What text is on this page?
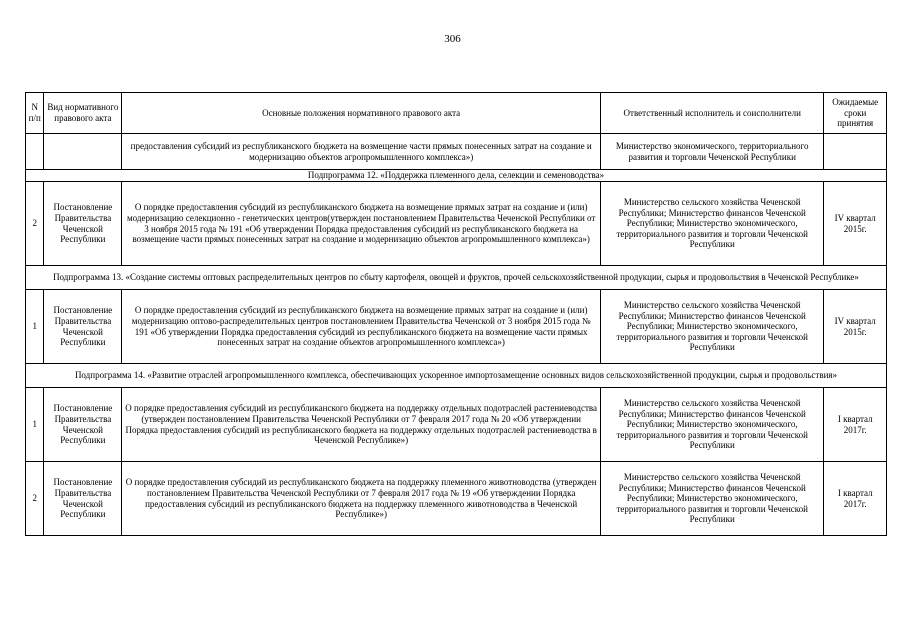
306
N п/п	Вид нормативного правового акта	Основные положения нормативного правового акта	Ответственный исполнитель и соисполнители	Ожидаемые сроки принятия
		предоставления субсидий из республиканского бюджета на возмещение части прямых понесенных затрат на создание и модернизацию объектов агропромышленного комплекса»)	Министерство экономического, территориального развития и торговли Чеченской Республики	
Подпрограмма 12. «Поддержка племенного дела, селекции и семеноводства»				
2	Постановление Правительства Чеченской Республики	О порядке предоставления субсидий из республиканского бюджета на возмещение прямых затрат на создание и (или) модернизацию селекционно - генетических центров(утвержден постановлением Правительства Чеченской Республики от 3 ноября 2015 года № 191 «Об утверждении Порядка предоставления субсидий из республиканского бюджета на возмещение части прямых понесенных затрат на создание и модернизацию объектов агропромышленного комплекса»)	Министерство сельского хозяйства Чеченской Республики; Министерство финансов Чеченской Республики; Министерство экономического, территориального развития и торговли Чеченской Республики	IV квартал 2015г.
Подпрограмма 13. «Создание системы оптовых распределительных центров по сбыту картофеля, овощей и фруктов, прочей сельскохозяйственной продукции, сырья и продовольствия в Чеченской Республике»				
1	Постановление Правительства Чеченской Республики	О порядке предоставления субсидий из республиканского бюджета на возмещение прямых затрат на создание и (или) модернизацию оптово-распределительных центров постановлением Правительства Чеченской от 3 ноября 2015 года № 191 «Об утверждении Порядка предоставления субсидий из республиканского бюджета на возмещение части прямых понесенных затрат на создание объектов агропромышленного комплекса»)	Министерство сельского хозяйства Чеченской Республики; Министерство финансов Чеченской Республики; Министерство экономического, территориального развития и торговли Чеченской Республики	IV квартал 2015г.
Подпрограмма 14. «Развитие отраслей агропромышленного комплекса, обеспечивающих ускоренное импортозамещение основных видов сельскохозяйственной продукции, сырья и продовольствия»				
1	Постановление Правительства Чеченской Республики	О порядке предоставления субсидий из республиканского бюджета на поддержку отдельных подотраслей растениеводства (утвержден постановлением Правительства Чеченской Республики от 7 февраля 2017 года № 20 «Об утверждении Порядка предоставления субсидий из республиканского бюджета на поддержку отдельных подотраслей растениеводства в Чеченской Республике»)	Министерство сельского хозяйства Чеченской Республики; Министерство финансов Чеченской Республики; Министерство экономического, территориального развития и торговли Чеченской Республики	I квартал 2017г.
2	Постановление Правительства Чеченской Республики	О порядке предоставления субсидий из республиканского бюджета на поддержку племенного животноводства (утвержден постановлением Правительства Чеченской Республики от 7 февраля 2017 года № 19 «Об утверждении Порядка предоставления субсидий из республиканского бюджета на поддержку племенного животноводства в Чеченской Республике»)	Министерство сельского хозяйства Чеченской Республики; Министерство финансов Чеченской Республики; Министерство экономического, территориального развития и торговли Чеченской Республики	I квартал 2017г.
